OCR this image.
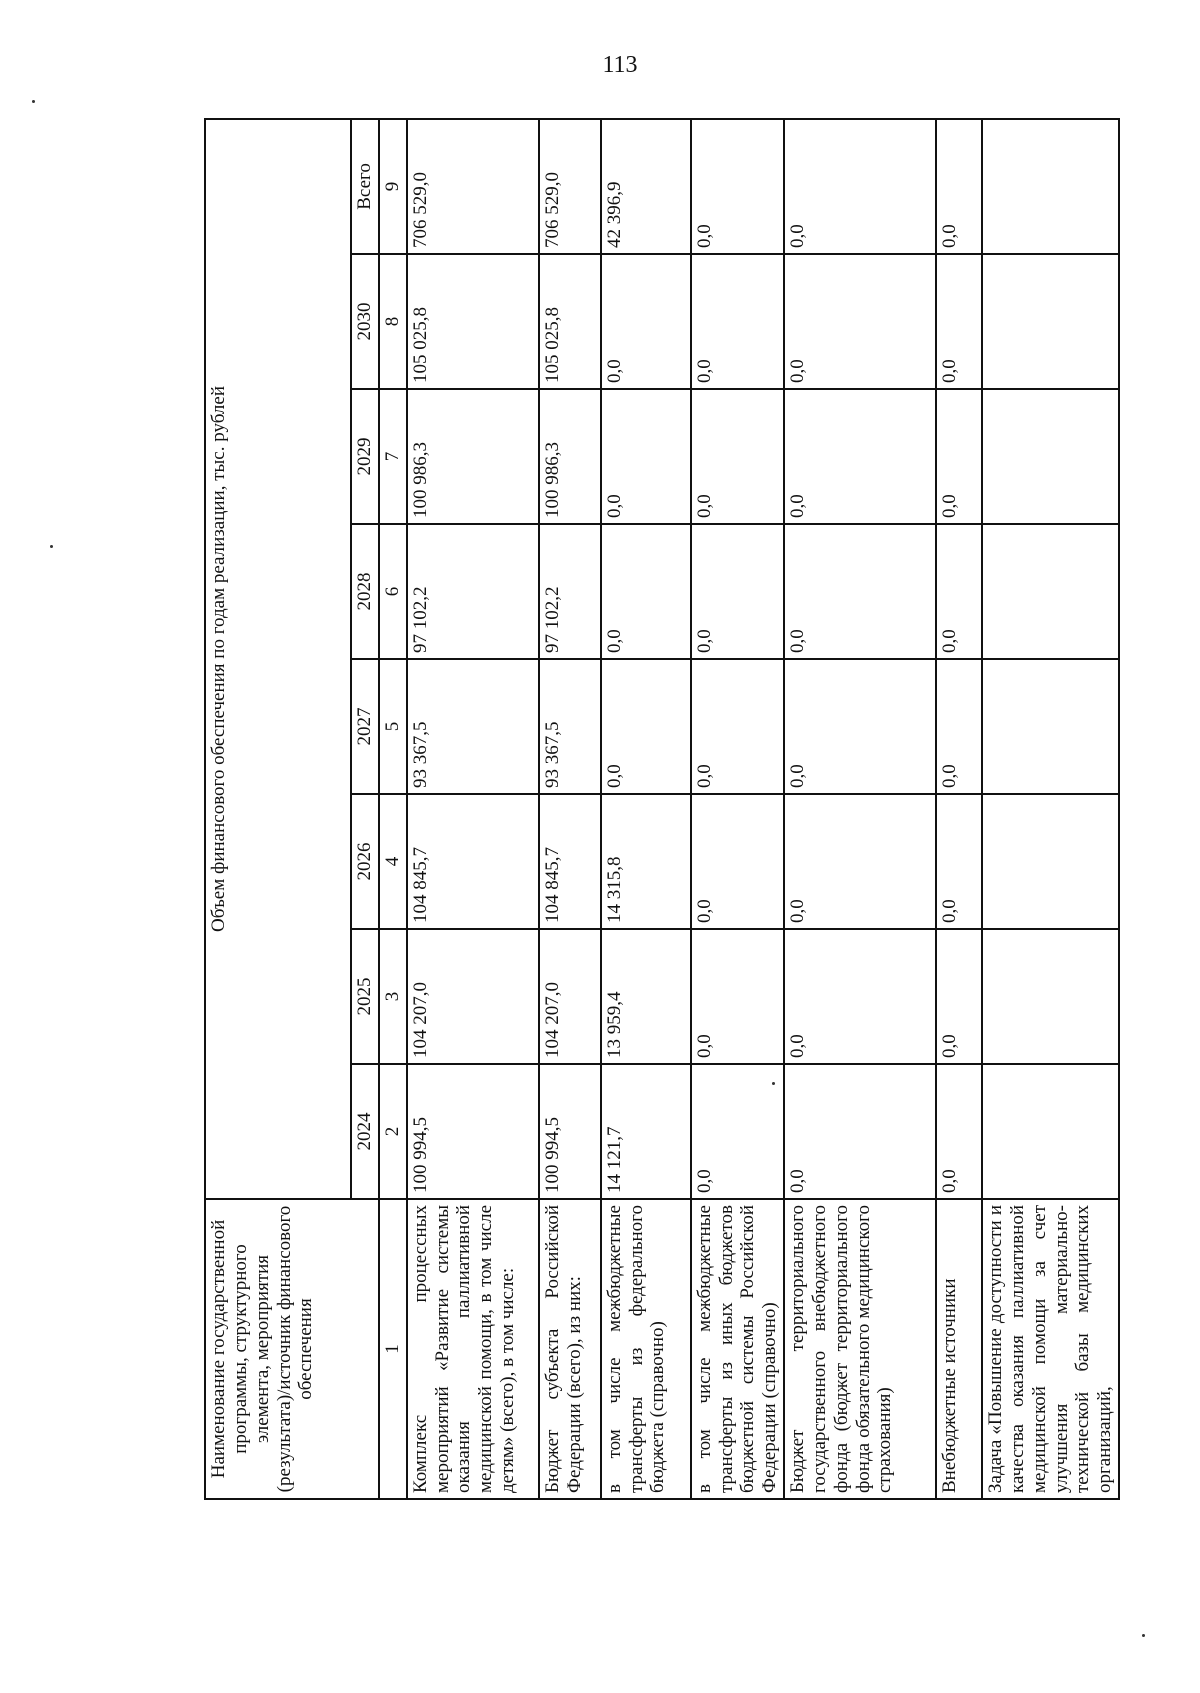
113
Наименование государственной программы, структурного элемента, мероприятия (результата)/источник финансового обеспечения	Объем финансового обеспечения по годам реализации, тыс. рублей							
	2024	2025	2026	2027	2028	2029	2030	Всего
1	2	3	4	5	6	7	8	9
Комплекс процессных мероприятий «Развитие системы оказания паллиативной медицинской помощи, в том числе детям» (всего), в том числе:	100 994,5	104 207,0	104 845,7	93 367,5	97 102,2	100 986,3	105 025,8	706 529,0
Бюджет субъекта Российской Федерации (всего), из них:	100 994,5	104 207,0	104 845,7	93 367,5	97 102,2	100 986,3	105 025,8	706 529,0
в том числе межбюджетные трансферты из федерального бюджета (справочно)	14 121,7	13 959,4	14 315,8	0,0	0,0	0,0	0,0	42 396,9
в том числе межбюджетные трансферты из иных бюджетов бюджетной системы Российской Федерации (справочно)	0,0	0,0	0,0	0,0	0,0	0,0	0,0	0,0
Бюджет территориального государственного внебюджетного фонда (бюджет территориального фонда обязательного медицинского страхования)	0,0	0,0	0,0	0,0	0,0	0,0	0,0	0,0
Внебюджетные источники	0,0	0,0	0,0	0,0	0,0	0,0	0,0	0,0
Задача «Повышение доступности и качества оказания паллиативной медицинской помощи за счет улучшения материально-технической базы медицинских организаций,								
